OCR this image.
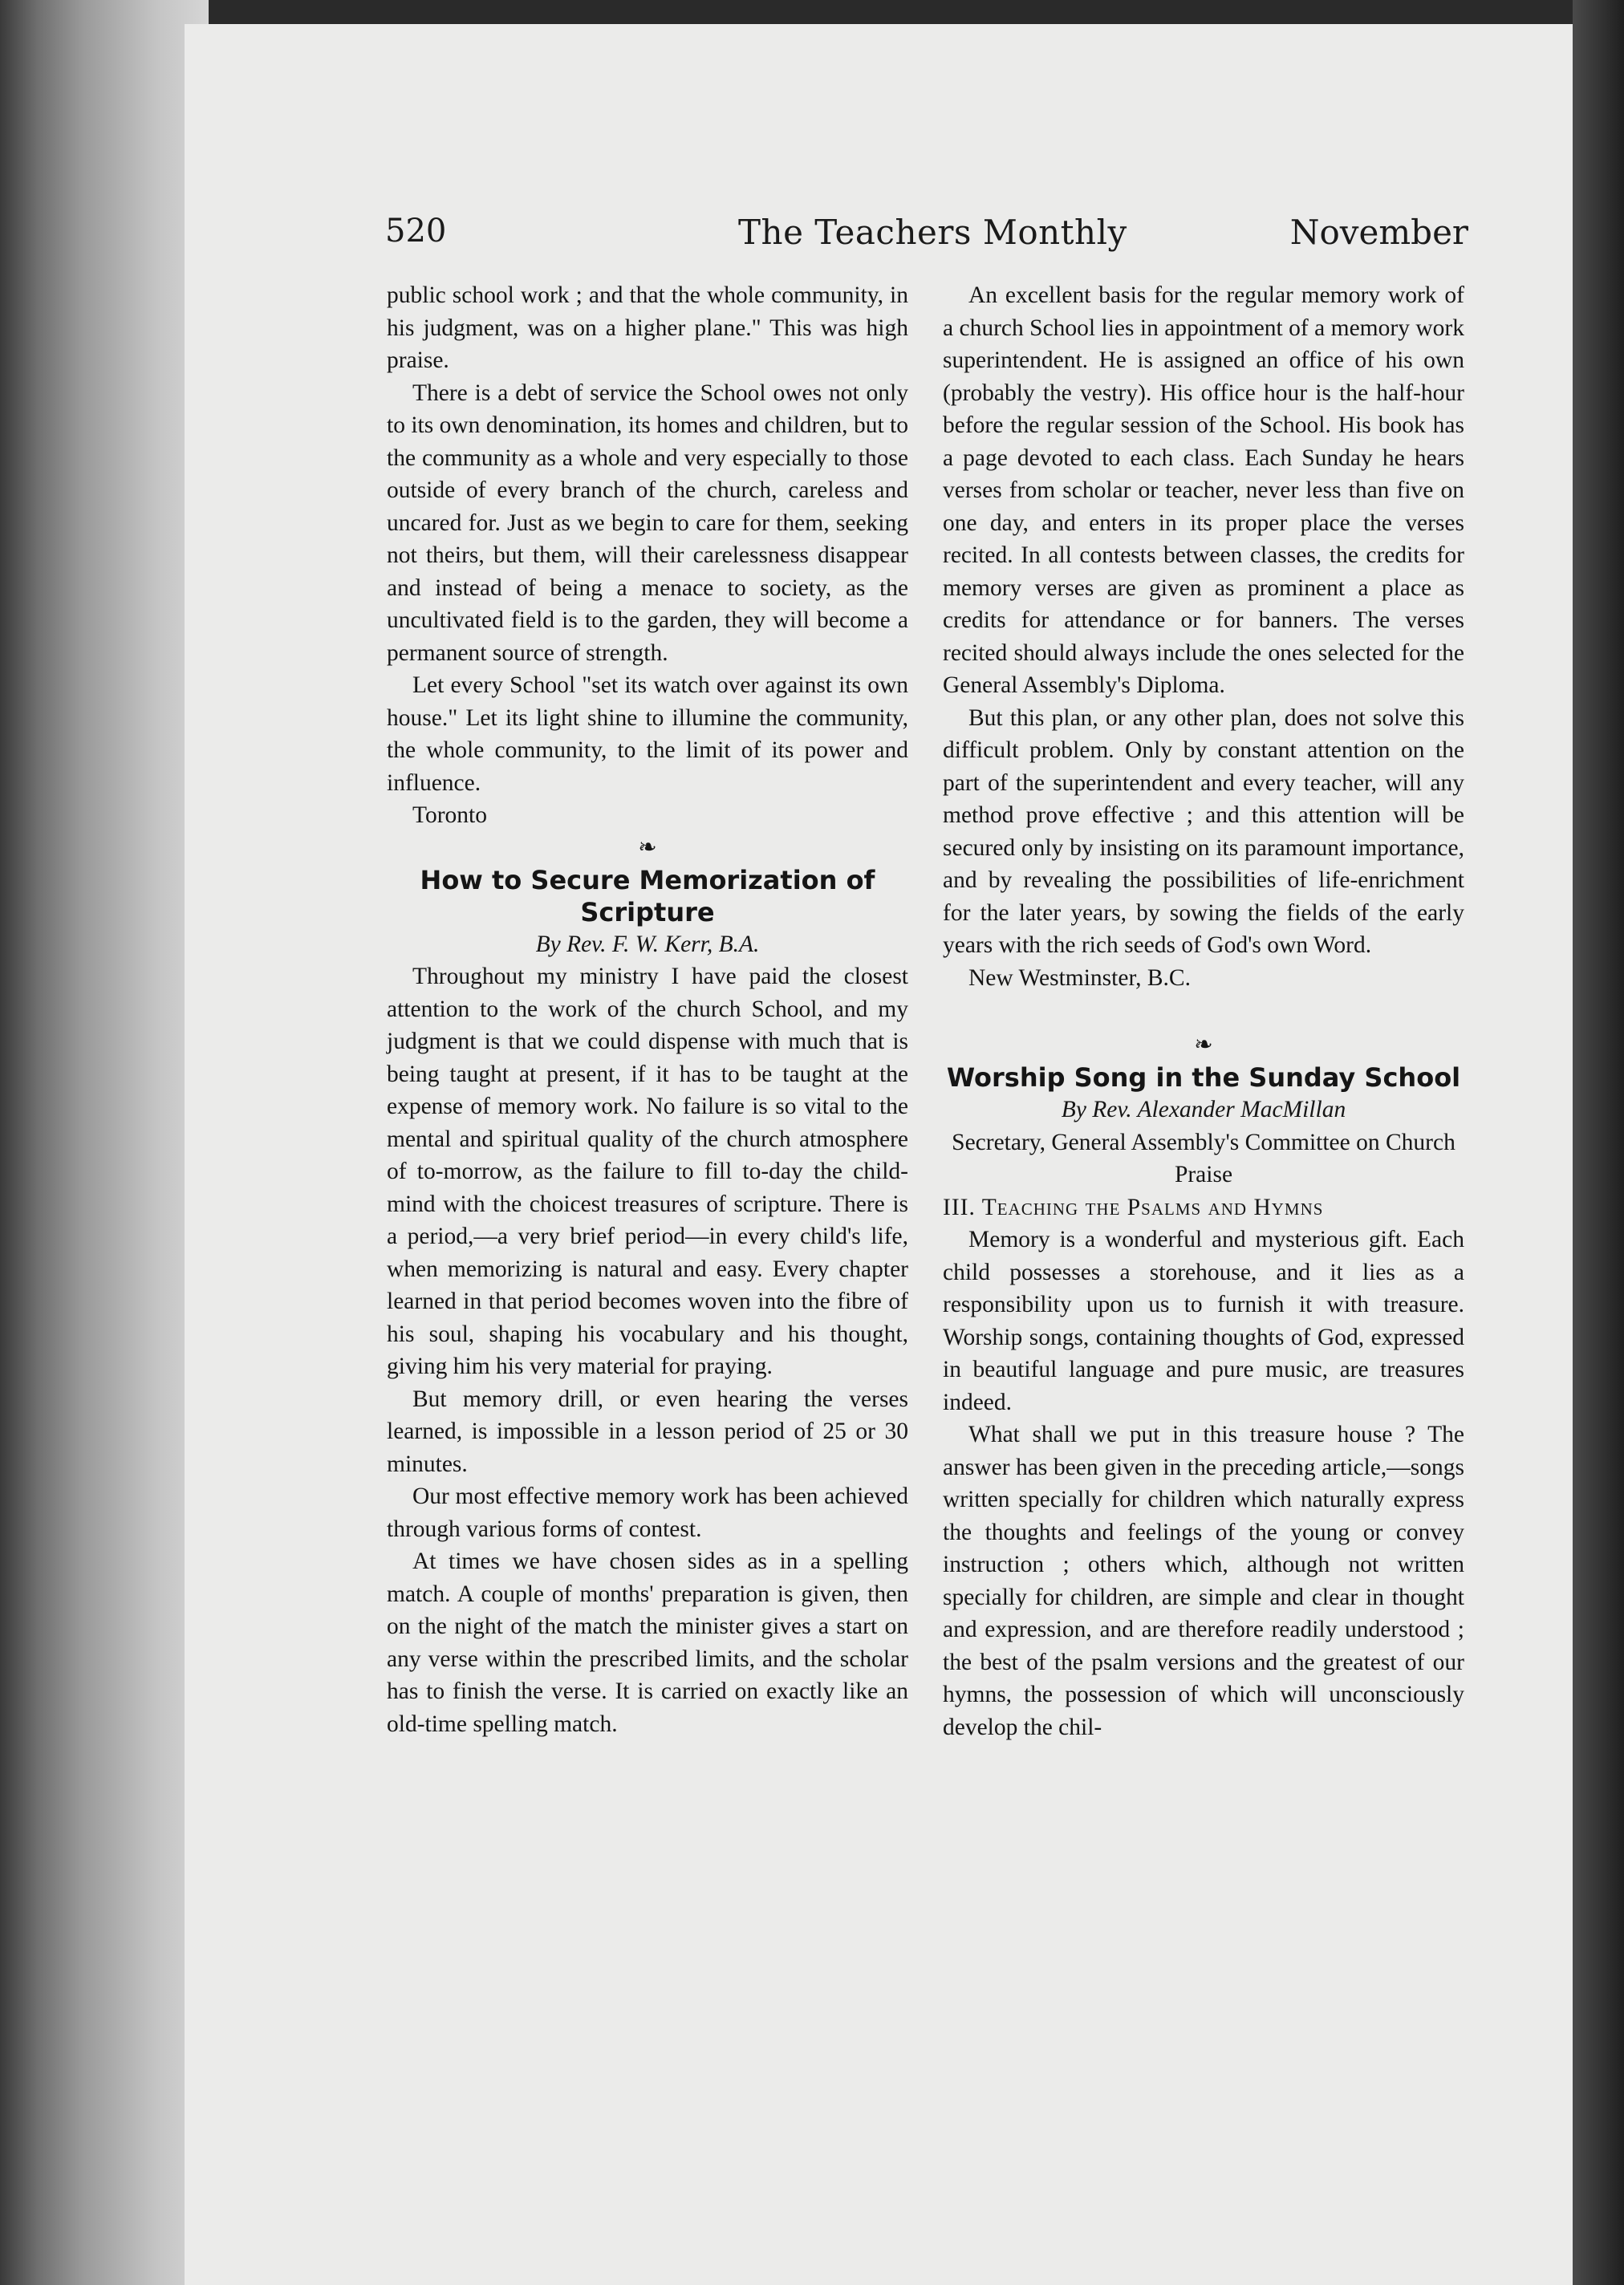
520	The Teachers Monthly	November

public school work ; and that the whole community, in his judgment, was on a higher plane." This was high praise.

There is a debt of service the School owes not only to its own denomination, its homes and children, but to the community as a whole and very especially to those outside of every branch of the church, careless and uncared for. Just as we begin to care for them, seeking not theirs, but them, will their carelessness disappear and instead of being a menace to society, as the uncultivated field is to the garden, they will become a permanent source of strength.

Let every School "set its watch over against its own house." Let its light shine to illumine the community, the whole community, to the limit of its power and influence.

Toronto

❧

How to Secure Memorization of Scripture

By Rev. F. W. Kerr, B.A.

Throughout my ministry I have paid the closest attention to the work of the church School, and my judgment is that we could dispense with much that is being taught at present, if it has to be taught at the expense of memory work. No failure is so vital to the mental and spiritual quality of the church atmosphere of to-morrow, as the failure to fill to-day the child-mind with the choicest treasures of scripture. There is a period,—a very brief period—in every child's life, when memorizing is natural and easy. Every chapter learned in that period becomes woven into the fibre of his soul, shaping his vocabulary and his thought, giving him his very material for praying.

But memory drill, or even hearing the verses learned, is impossible in a lesson period of 25 or 30 minutes.

Our most effective memory work has been achieved through various forms of contest.

At times we have chosen sides as in a spelling match. A couple of months' preparation is given, then on the night of the match the minister gives a start on any verse within the prescribed limits, and the scholar has to finish the verse. It is carried on exactly like an old-time spelling match.

An excellent basis for the regular memory work of a church School lies in appointment of a memory work superintendent. He is assigned an office of his own (probably the vestry). His office hour is the half-hour before the regular session of the School. His book has a page devoted to each class. Each Sunday he hears verses from scholar or teacher, never less than five on one day, and enters in its proper place the verses recited. In all contests between classes, the credits for memory verses are given as prominent a place as credits for attendance or for banners. The verses recited should always include the ones selected for the General Assembly's Diploma.

But this plan, or any other plan, does not solve this difficult problem. Only by constant attention on the part of the superintendent and every teacher, will any method prove effective ; and this attention will be secured only by insisting on its paramount importance, and by revealing the possibilities of life-enrichment for the later years, by sowing the fields of the early years with the rich seeds of God's own Word.

New Westminster, B.C.

❧

Worship Song in the Sunday School

By Rev. Alexander MacMillan

Secretary, General Assembly's Committee on Church Praise

III. Teaching the Psalms and Hymns

Memory is a wonderful and mysterious gift. Each child possesses a storehouse, and it lies as a responsibility upon us to furnish it with treasure. Worship songs, containing thoughts of God, expressed in beautiful language and pure music, are treasures indeed.

What shall we put in this treasure house ? The answer has been given in the preceding article,—songs written specially for children which naturally express the thoughts and feelings of the young or convey instruction ; others which, although not written specially for children, are simple and clear in thought and expression, and are therefore readily understood ; the best of the psalm versions and the greatest of our hymns, the possession of which will unconsciously develop the chil-
